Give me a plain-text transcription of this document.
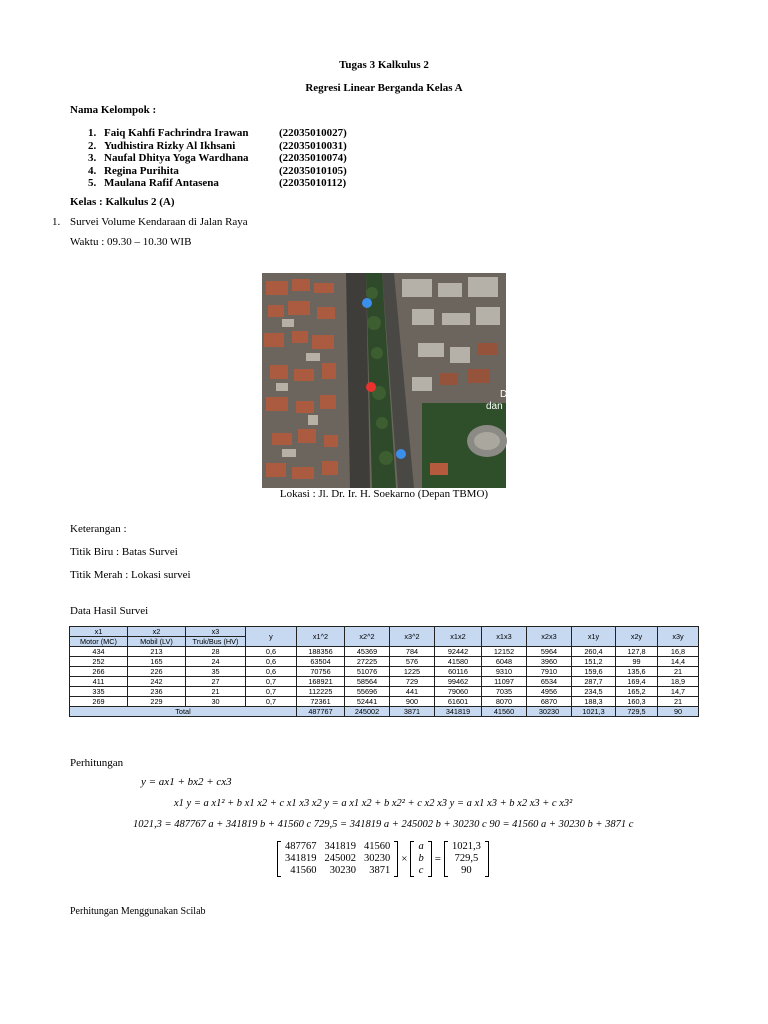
Tugas 3 Kalkulus 2
Regresi Linear Berganda Kelas A
Nama Kelompok :
1. Faiq Kahfi Fachrindra Irawan	(22035010027)
2. Yudhistira Rizky Al Ikhsani	(22035010031)
3. Naufal Dhitya Yoga Wardhana	(22035010074)
4. Regina Purihita	(22035010105)
5. Maulana Rafif Antasena	(22035010112)
Kelas : Kalkulus 2 (A)
1. Survei Volume Kendaraan di Jalan Raya
Waktu : 09.30 – 10.30 WIB
D
dan
Lokasi : Jl. Dr. Ir. H. Soekarno (Depan TBMO)
Keterangan :
Titik Biru : Batas Survei
Titik Merah : Lokasi survei
Data Hasil Survei
x1	x2	x3	y	x1^2	x2^2	x3^2	x1x2	x1x3	x2x3	x1y	x2y	x3y
Motor (MC)	Mobil (LV)	Truk/Bus (HV)										
434	213	28	0,6	188356	45369	784	92442	12152	5964	260,4	127,8	16,8
252	165	24	0,6	63504	27225	576	41580	6048	3960	151,2	99	14,4
266	226	35	0,6	70756	51076	1225	60116	9310	7910	159,6	135,6	21
411	242	27	0,7	168921	58564	729	99462	11097	6534	287,7	169,4	18,9
335	236	21	0,7	112225	55696	441	79060	7035	4956	234,5	165,2	14,7
269	229	30	0,7	72361	52441	900	61601	8070	6870	188,3	160,3	21
Total				487767	245002	3871	341819	41560	30230	1021,3	729,5	90
Perhitungan
y = ax1 + bx2 + cx3
x1 y = a x1² + b x1 x2 + c x1 x3 x2 y = a x1 x2 + b x2² + c x2 x3 y = a x1 x3 + b x2 x3 + c x3²
1021,3 = 487767 a + 341819 b + 41560 c 729,5 = 341819 a + 245002 b + 30230 c 90 = 41560 a + 30230 b + 3871 c
487767	341819	41560
341819	245002	30230
41560	30230	3871
×
a
b
c
=
1021,3
729,5
90
Perhitungan Menggunakan Scilab
